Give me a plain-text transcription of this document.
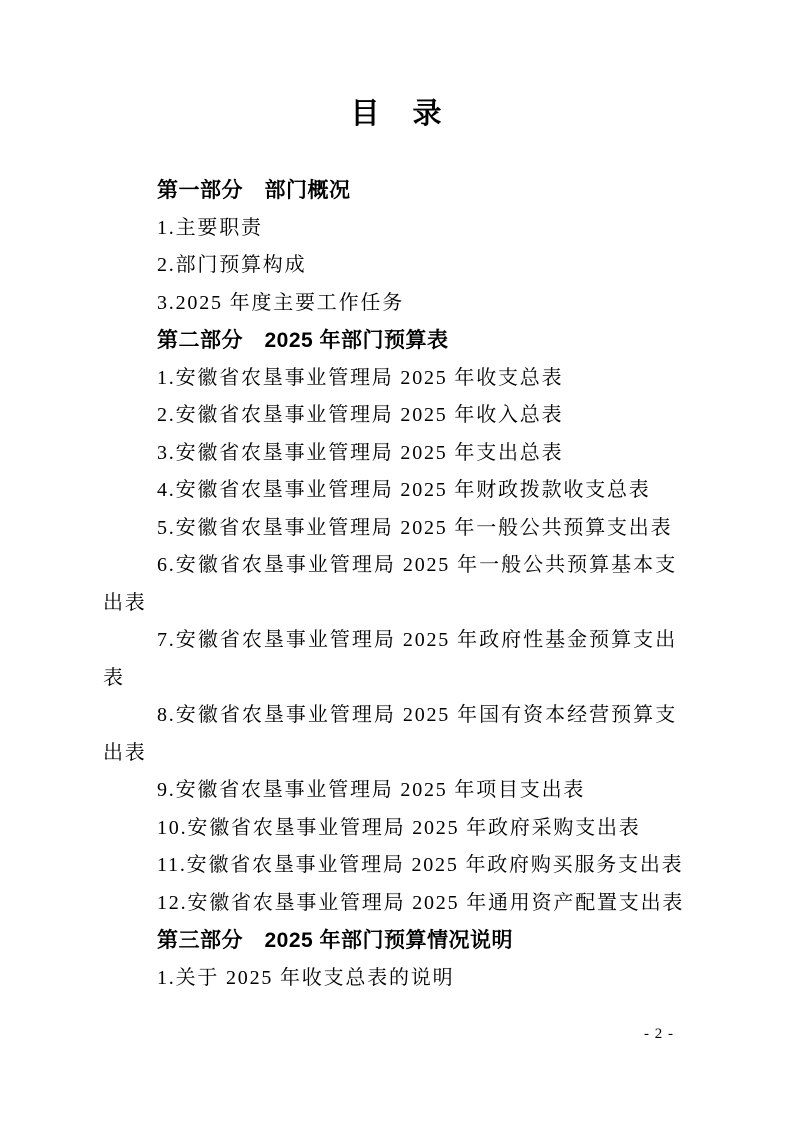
目　录
第一部分　部门概况
1.主要职责
2.部门预算构成
3.2025 年度主要工作任务
第二部分　2025 年部门预算表
1.安徽省农垦事业管理局 2025 年收支总表
2.安徽省农垦事业管理局 2025 年收入总表
3.安徽省农垦事业管理局 2025 年支出总表
4.安徽省农垦事业管理局 2025 年财政拨款收支总表
5.安徽省农垦事业管理局 2025 年一般公共预算支出表
6.安徽省农垦事业管理局 2025 年一般公共预算基本支
出表
7.安徽省农垦事业管理局 2025 年政府性基金预算支出
表
8.安徽省农垦事业管理局 2025 年国有资本经营预算支
出表
9.安徽省农垦事业管理局 2025 年项目支出表
10.安徽省农垦事业管理局 2025 年政府采购支出表
11.安徽省农垦事业管理局 2025 年政府购买服务支出表
12.安徽省农垦事业管理局 2025 年通用资产配置支出表
第三部分　2025 年部门预算情况说明
1.关于 2025 年收支总表的说明
- 2 -
